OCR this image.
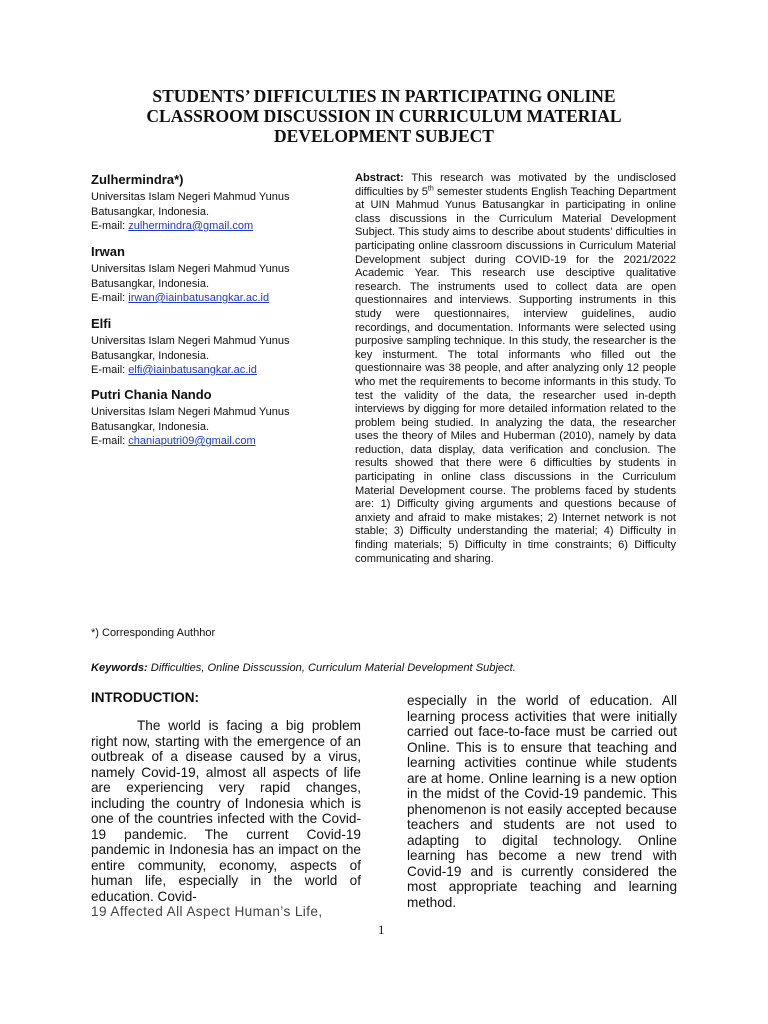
STUDENTS’ DIFFICULTIES IN PARTICIPATING ONLINE
CLASSROOM DISCUSSION IN CURRICULUM MATERIAL
DEVELOPMENT SUBJECT
Zulhermindra*)
Universitas Islam Negeri Mahmud Yunus
Batusangkar, Indonesia.
E-mail: zulhermindra@gmail.com
Irwan
Universitas Islam Negeri Mahmud Yunus
Batusangkar, Indonesia.
E-mail: irwan@iainbatusangkar.ac.id
Elfi
Universitas Islam Negeri Mahmud Yunus
Batusangkar, Indonesia.
E-mail: elfi@iainbatusangkar.ac.id
Putri Chania Nando
Universitas Islam Negeri Mahmud Yunus
Batusangkar, Indonesia.
E-mail: chaniaputri09@gmail.com
*) Corresponding Authhor
Abstract: This research was motivated by the undisclosed difficulties by 5th semester students English Teaching Department at UIN Mahmud Yunus Batusangkar in participating in online class discussions in the Curriculum Material Development Subject. This study aims to describe about students’ difficulties in participating online classroom discussions in Curriculum Material Development subject during COVID-19 for the 2021/2022 Academic Year. This research use desciptive qualitative research. The instruments used to collect data are open questionnaires and interviews. Supporting instruments in this study were questionnaires, interview guidelines, audio recordings, and documentation. Informants were selected using purposive sampling technique. In this study, the researcher is the key insturment. The total informants who filled out the questionnaire was 38 people, and after analyzing only 12 people who met the requirements to become informants in this study. To test the validity of the data, the researcher used in-depth interviews by digging for more detailed information related to the problem being studied. In analyzing the data, the researcher uses the theory of Miles and Huberman (2010), namely by data reduction, data display, data verification and conclusion. The results showed that there were 6 difficulties by students in participating in online class discussions in the Curriculum Material Development course. The problems faced by students are: 1) Difficulty giving arguments and questions because of anxiety and afraid to make mistakes; 2) Internet network is not stable; 3) Difficulty understanding the material; 4) Difficulty in finding materials; 5) Difficulty in time constraints; 6) Difficulty communicating and sharing.
Keywords: Difficulties, Online Disscussion, Curriculum Material Development Subject.
INTRODUCTION:
The world is facing a big problem right now, starting with the emergence of an outbreak of a disease caused by a virus, namely Covid-19, almost all aspects of life are experiencing very rapid changes, including the country of Indonesia which is one of the countries infected with the Covid-19 pandemic. The current Covid-19 pandemic in Indonesia has an impact on the entire community, economy, aspects of human life, especially in the world of education. Covid-
19 Affected All Aspect Human’s Life,
especially in the world of education. All learning process activities that were initially carried out face-to-face must be carried out Online. This is to ensure that teaching and learning activities continue while students are at home. Online learning is a new option in the midst of the Covid-19 pandemic. This phenomenon is not easily accepted because teachers and students are not used to adapting to digital technology. Online learning has become a new trend with Covid-19 and is currently considered the most appropriate teaching and learning method.
1
